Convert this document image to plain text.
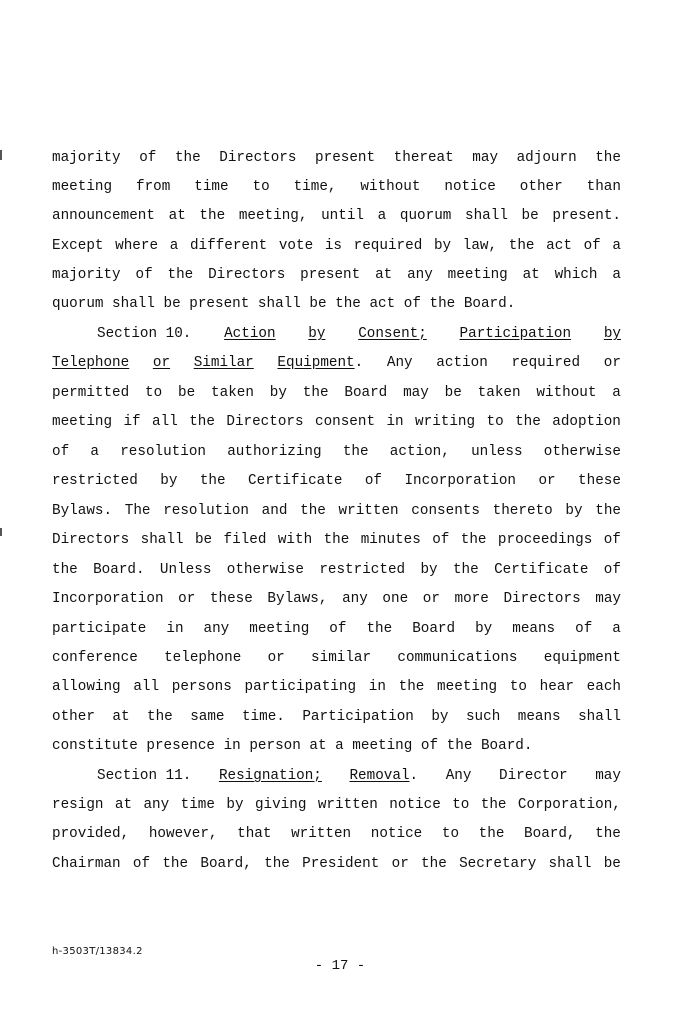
majority of the Directors present thereat may adjourn the
meeting from time to time, without notice other than
announcement at the meeting, until a quorum shall be present.
Except where a different vote is required by law, the act of a
majority of the Directors present at any meeting at which a
quorum shall be present shall be the act of the Board.
Section 10. Action by Consent; Participation by
Telephone or Similar Equipment. Any action required or
permitted to be taken by the Board may be taken without a
meeting if all the Directors consent in writing to the adoption
of a resolution authorizing the action, unless otherwise
restricted by the Certificate of Incorporation or these
Bylaws. The resolution and the written consents thereto by the
Directors shall be filed with the minutes of the proceedings of
the Board. Unless otherwise restricted by the Certificate of
Incorporation or these Bylaws, any one or more Directors may
participate in any meeting of the Board by means of a
conference telephone or similar communications equipment
allowing all persons participating in the meeting to hear each
other at the same time. Participation by such means shall
constitute presence in person at a meeting of the Board.
Section 11. Resignation; Removal. Any Director may
resign at any time by giving written notice to the Corporation,
provided, however, that written notice to the Board, the
Chairman of the Board, the President or the Secretary shall be
h-3503T/13834.2
- 17 -
